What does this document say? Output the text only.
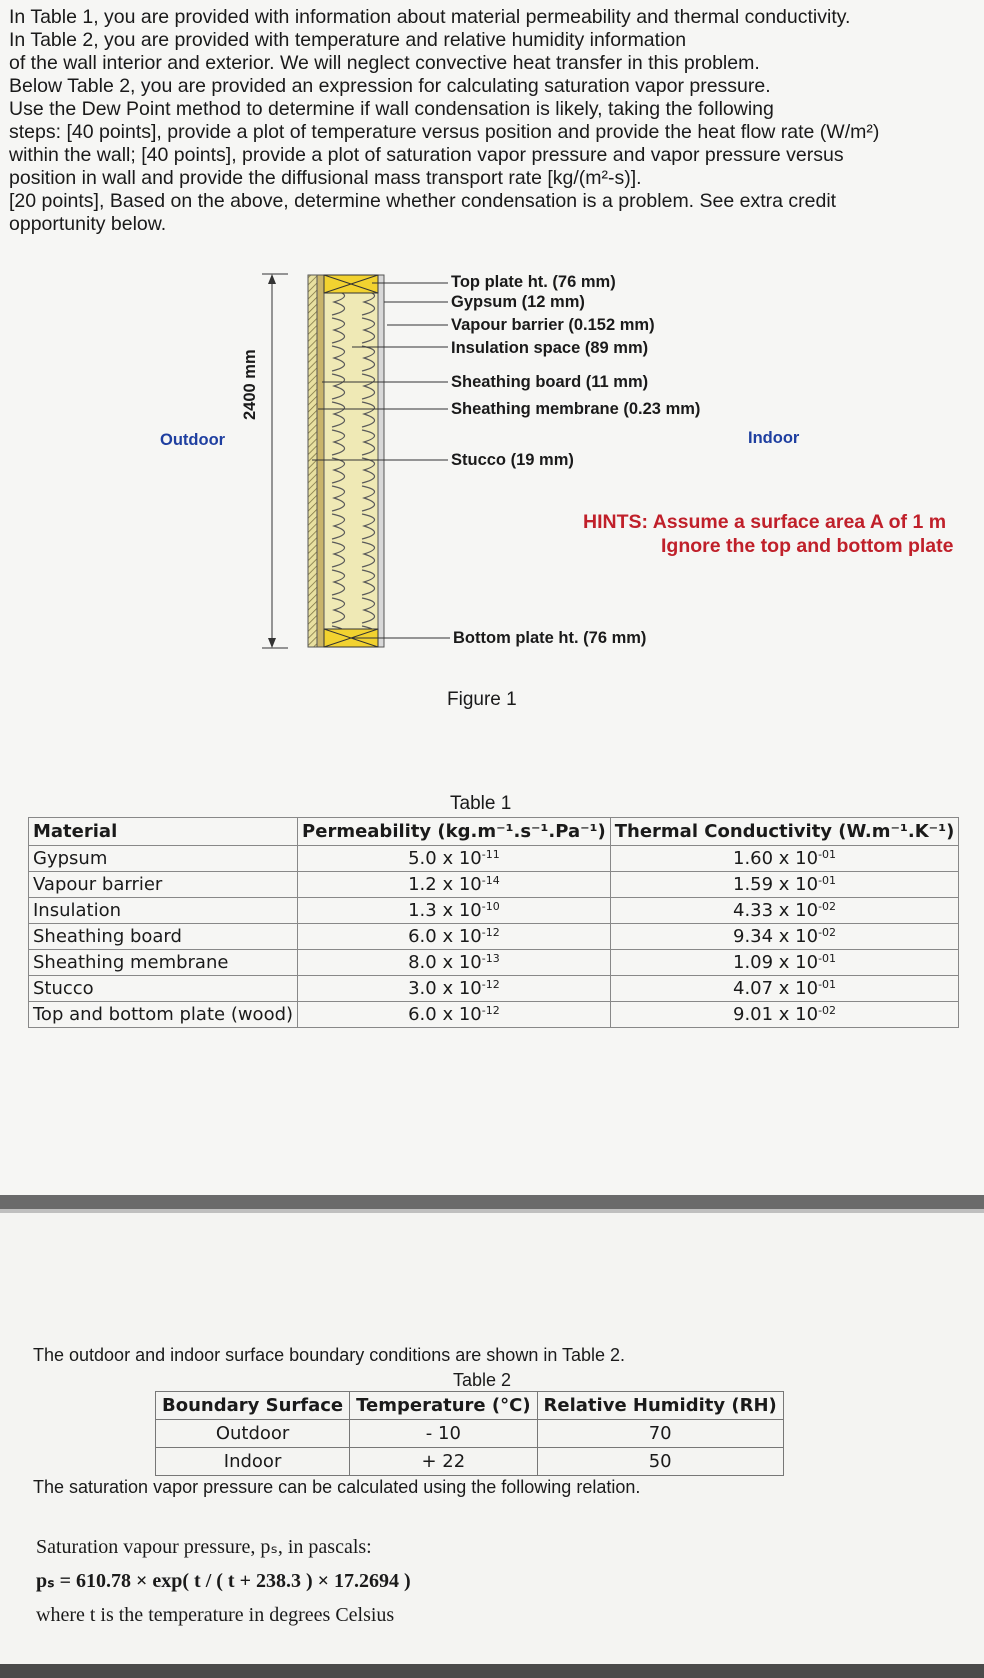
In Table 1, you are provided with information about material permeability and thermal conductivity.
In Table 2, you are provided with temperature and relative humidity information
of the wall interior and exterior. We will neglect convective heat transfer in this problem.
Below Table 2, you are provided an expression for calculating saturation vapor pressure.
Use the Dew Point method to determine if wall condensation is likely, taking the following
steps: [40 points], provide a plot of temperature versus position and provide the heat flow rate (W/m²)
within the wall; [40 points], provide a plot of saturation vapor pressure and vapor pressure versus
position in wall and provide the diffusional mass transport rate [kg/(m²-s)].
[20 points], Based on the above, determine whether condensation is a problem. See extra credit
opportunity below.
Top plate ht. (76 mm)
Gypsum (12 mm)
Vapour barrier (0.152 mm)
Insulation space (89 mm)
Sheathing board (11 mm)
Sheathing membrane (0.23 mm)
Stucco (19 mm)
Bottom plate ht. (76 mm)
2400 mm
Outdoor	Indoor
HINTS: Assume a surface area A of 1 m
Ignore the top and bottom plate
Figure 1
Table 1
Material	Permeability (kg.m⁻¹.s⁻¹.Pa⁻¹)	Thermal Conductivity (W.m⁻¹.K⁻¹)
Gypsum	5.0 x $10^{-11}$	1.60 x $10^{-01}$
Vapour barrier	1.2 x $10^{-14}$	1.59 x $10^{-01}$
Insulation	1.3 x $10^{-10}$	4.33 x $10^{-02}$
Sheathing board	6.0 x $10^{-12}$	9.34 x $10^{-02}$
Sheathing membrane	8.0 x $10^{-13}$	1.09 x $10^{-01}$
Stucco	3.0 x $10^{-12}$	4.07 x $10^{-01}$
Top and bottom plate (wood)	6.0 x $10^{-12}$	9.01 x $10^{-02}$
The outdoor and indoor surface boundary conditions are shown in Table 2.
Table 2
Boundary Surface	Temperature (°C)	Relative Humidity (RH)
Outdoor	- 10	70
Indoor	+ 22	50
The saturation vapor pressure can be calculated using the following relation.
Saturation vapour pressure, pₛ, in pascals:
pₛ = 610.78 × exp( t / ( t + 238.3 ) × 17.2694 )
where t is the temperature in degrees Celsius
